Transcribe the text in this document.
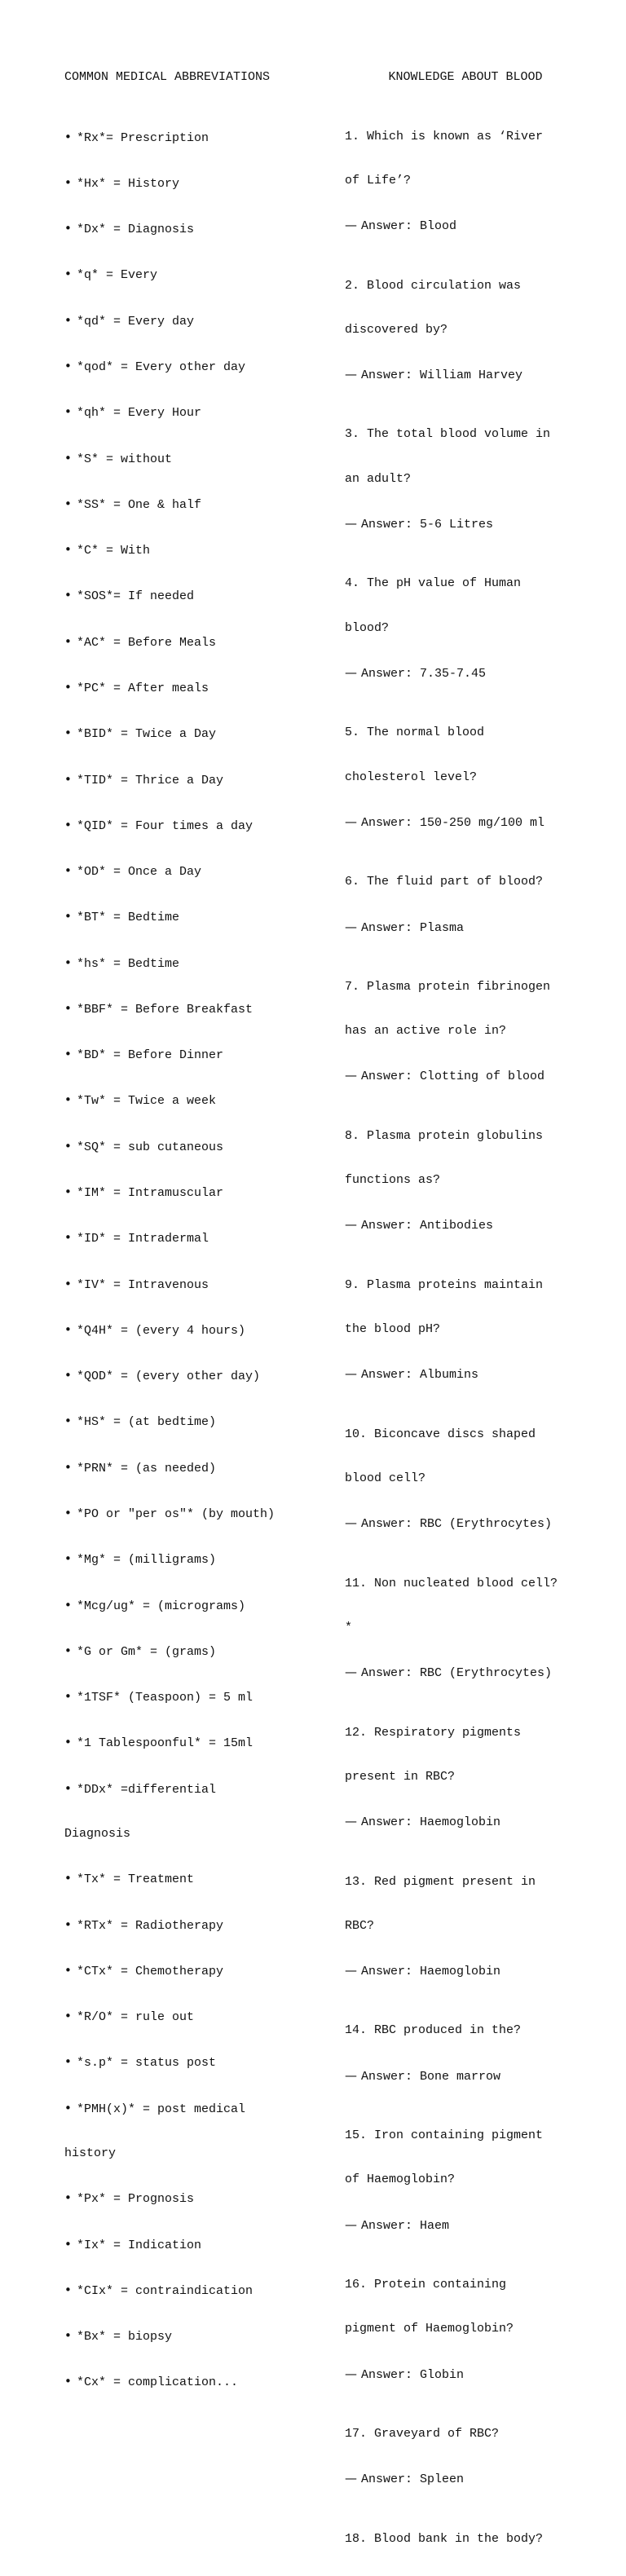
COMMON MEDICAL ABBREVIATIONS

• *Rx*= Prescription

• *Hx* = History

• *Dx* = Diagnosis

• *q* = Every

• *qd* = Every day

• *qod* = Every other day

• *qh* = Every Hour

• *S* = without

• *SS* = One & half

• *C* = With

• *SOS*= If needed

• *AC* = Before Meals

• *PC* = After meals

• *BID* = Twice a Day

• *TID* = Thrice a Day

• *QID* = Four times a day

• *OD* = Once a Day

• *BT* = Bedtime

• *hs* = Bedtime

• *BBF* = Before Breakfast

• *BD* = Before Dinner

• *Tw* = Twice a week

• *SQ* = sub cutaneous

• *IM* = Intramuscular

• *ID* = Intradermal

• *IV* = Intravenous

• *Q4H* = (every 4 hours)

• *QOD* = (every other day)

• *HS* = (at bedtime)

• *PRN* = (as needed)

• *PO or "per os"* (by mouth)

• *Mg* = (milligrams)

• *Mcg/ug* = (micrograms)

• *G or Gm* = (grams)

• *1TSF* (Teaspoon) = 5 ml

• *1 Tablespoonful* = 15ml

• *DDx* =differential

Diagnosis

• *Tx* = Treatment

• *RTx* = Radiotherapy

• *CTx* = Chemotherapy

• *R/O* = rule out

• *s.p* = status post

• *PMH(x)* = post medical

history

• *Px* = Prognosis

• *Ix* = Indication

• *CIx* = contraindication

• *Bx* = biopsy

• *Cx* = complication...

KNOWLEDGE ABOUT BLOOD

1. Which is known as ‘River

of Life’?

— Answer: Blood

2. Blood circulation was

discovered by?

— Answer: William Harvey

3. The total blood volume in

an adult?

— Answer: 5-6 Litres

4. The pH value of Human

blood?

— Answer: 7.35-7.45

5. The normal blood

cholesterol level?

— Answer: 150-250 mg/100 ml

6. The fluid part of blood?

— Answer: Plasma

7. Plasma protein fibrinogen

has an active role in?

— Answer: Clotting of blood

8. Plasma protein globulins

functions as?

— Answer: Antibodies

9. Plasma proteins maintain

the blood pH?

— Answer: Albumins

10. Biconcave discs shaped

blood cell?

— Answer: RBC (Erythrocytes)

11. Non nucleated blood cell?

*

— Answer: RBC (Erythrocytes)

12. Respiratory pigments

present in RBC?

— Answer: Haemoglobin

13. Red pigment present in

RBC?

— Answer: Haemoglobin

14. RBC produced in the?

— Answer: Bone marrow

15. Iron containing pigment

of Haemoglobin?

— Answer: Haem

16. Protein containing

pigment of Haemoglobin?

— Answer: Globin

17. Graveyard of RBC?

— Answer: Spleen

18. Blood bank in the body?
